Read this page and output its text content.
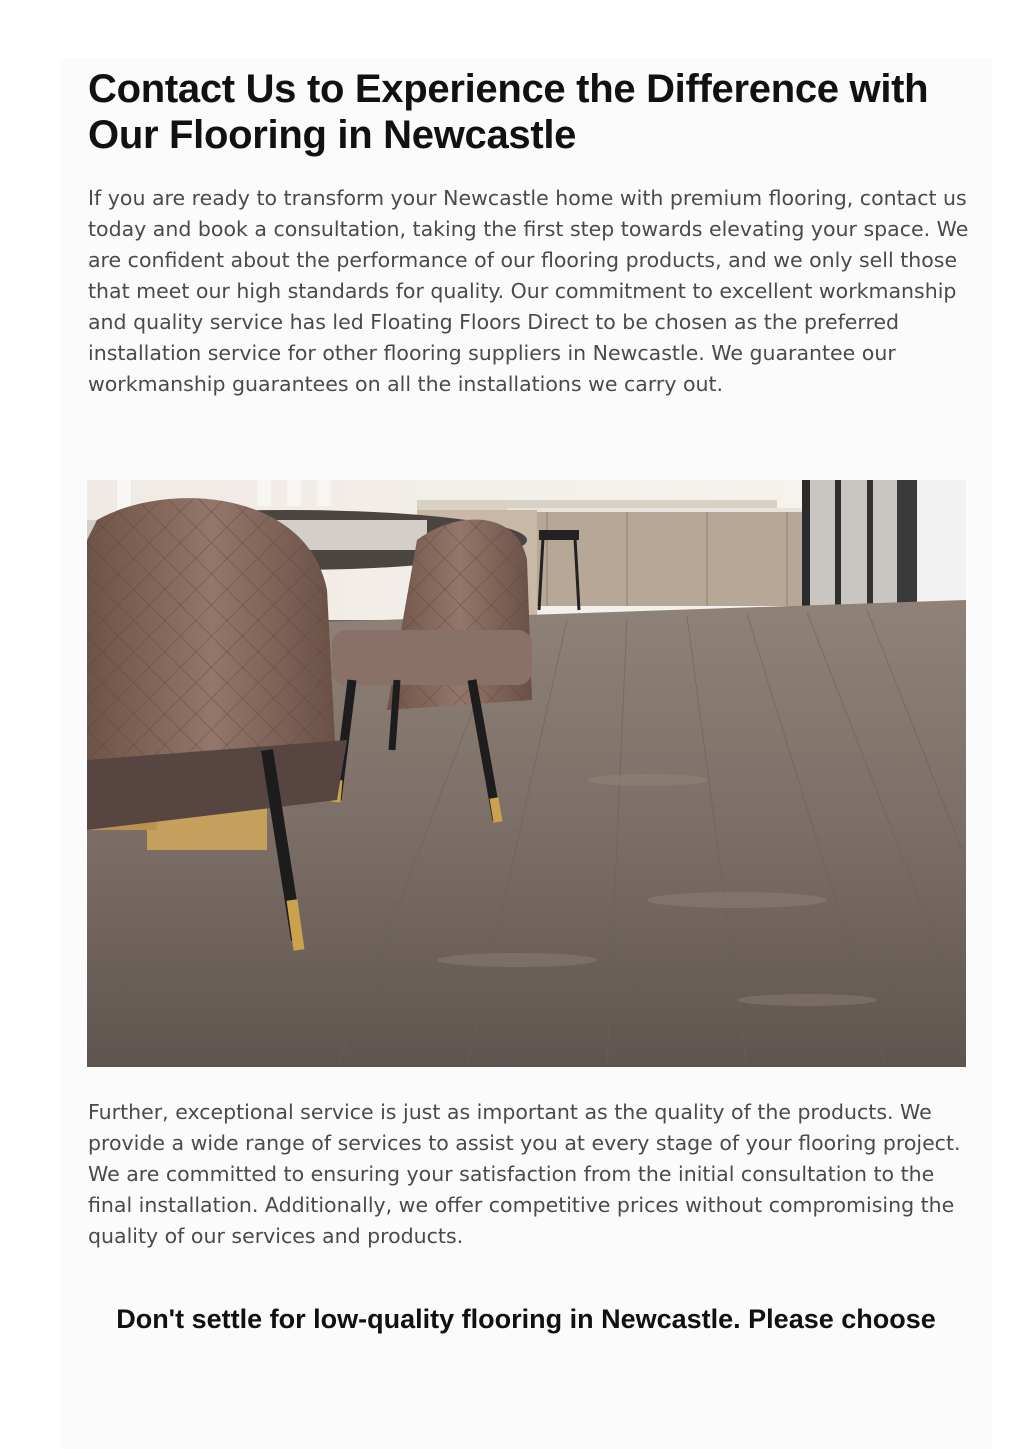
Contact Us to Experience the Difference with Our Flooring in Newcastle

If you are ready to transform your Newcastle home with premium flooring, contact us today and book a consultation, taking the first step towards elevating your space. We are confident about the performance of our flooring products, and we only sell those that meet our high standards for quality. Our commitment to excellent workmanship and quality service has led Floating Floors Direct to be chosen as the preferred installation service for other flooring suppliers in Newcastle. We guarantee our workmanship guarantees on all the installations we carry out.

Further, exceptional service is just as important as the quality of the products. We provide a wide range of services to assist you at every stage of your flooring project. We are committed to ensuring your satisfaction from the initial consultation to the final installation. Additionally, we offer competitive prices without compromising the quality of our services and products.

Don't settle for low-quality flooring in Newcastle. Please choose
